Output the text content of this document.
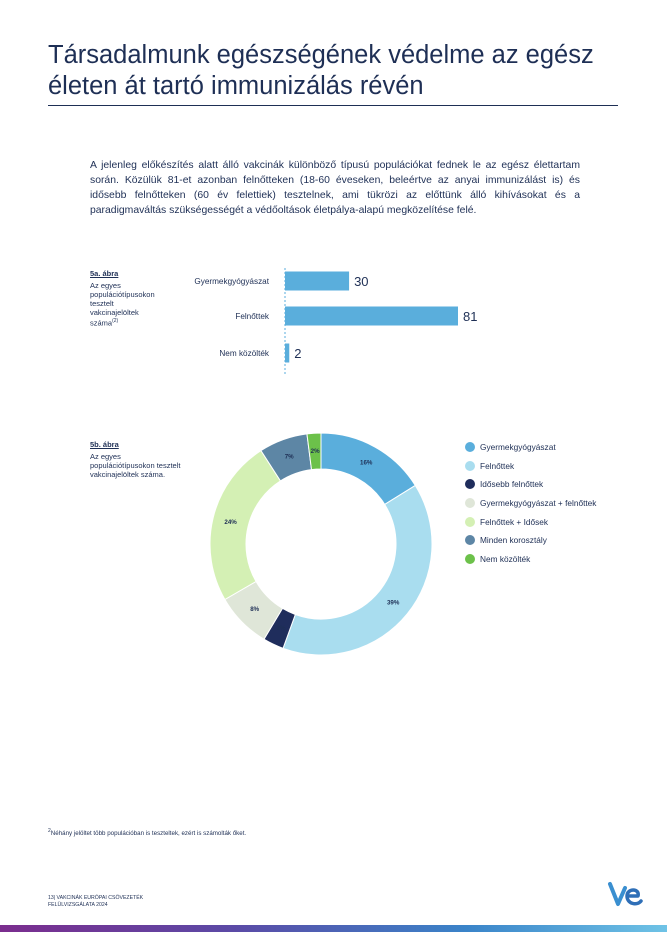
Társadalmunk egészségének védelme az egész életen át tartó immunizálás révén

A jelenleg előkészítés alatt álló vakcinák különböző típusú populációkat fednek le az egész élettartam során. Közülük 81-et azonban felnőtteken (18-60 éveseken, beleértve az anyai immunizálást is) és idősebb felnőtteken (60 év felettiek) tesztelnek, ami tükrözi az előttünk álló kihívásokat és a paradigmaváltás szükségességét a védőoltások életpálya-alapú megközelítése felé.

5a. ábra
Az egyes populációtípusokon tesztelt vakcinajelöltek száma$^{(2)}$
Gyermekgyógyászat	30
Felnőttek	81
Nem közölték 2
5b. ábra
Az egyes populációtípusokon tesztelt vakcinajelöltek száma.
16%
39%
3%
8%
24%
7%
2%	Gyermekgyógyászat
Felnőttek
Idősebb felnőttek
Gyermekgyógyászat + felnőttek
Felnőttek + Idősek
Minden korosztály
Nem közölték
$^2$Néhány jelöltet több populációban is teszteltek, ezért is számolták őket.
13| VAKCINÁK EURÓPAI CSÖVEZETÉK
FELÜLVIZSGÁLATA 2024
